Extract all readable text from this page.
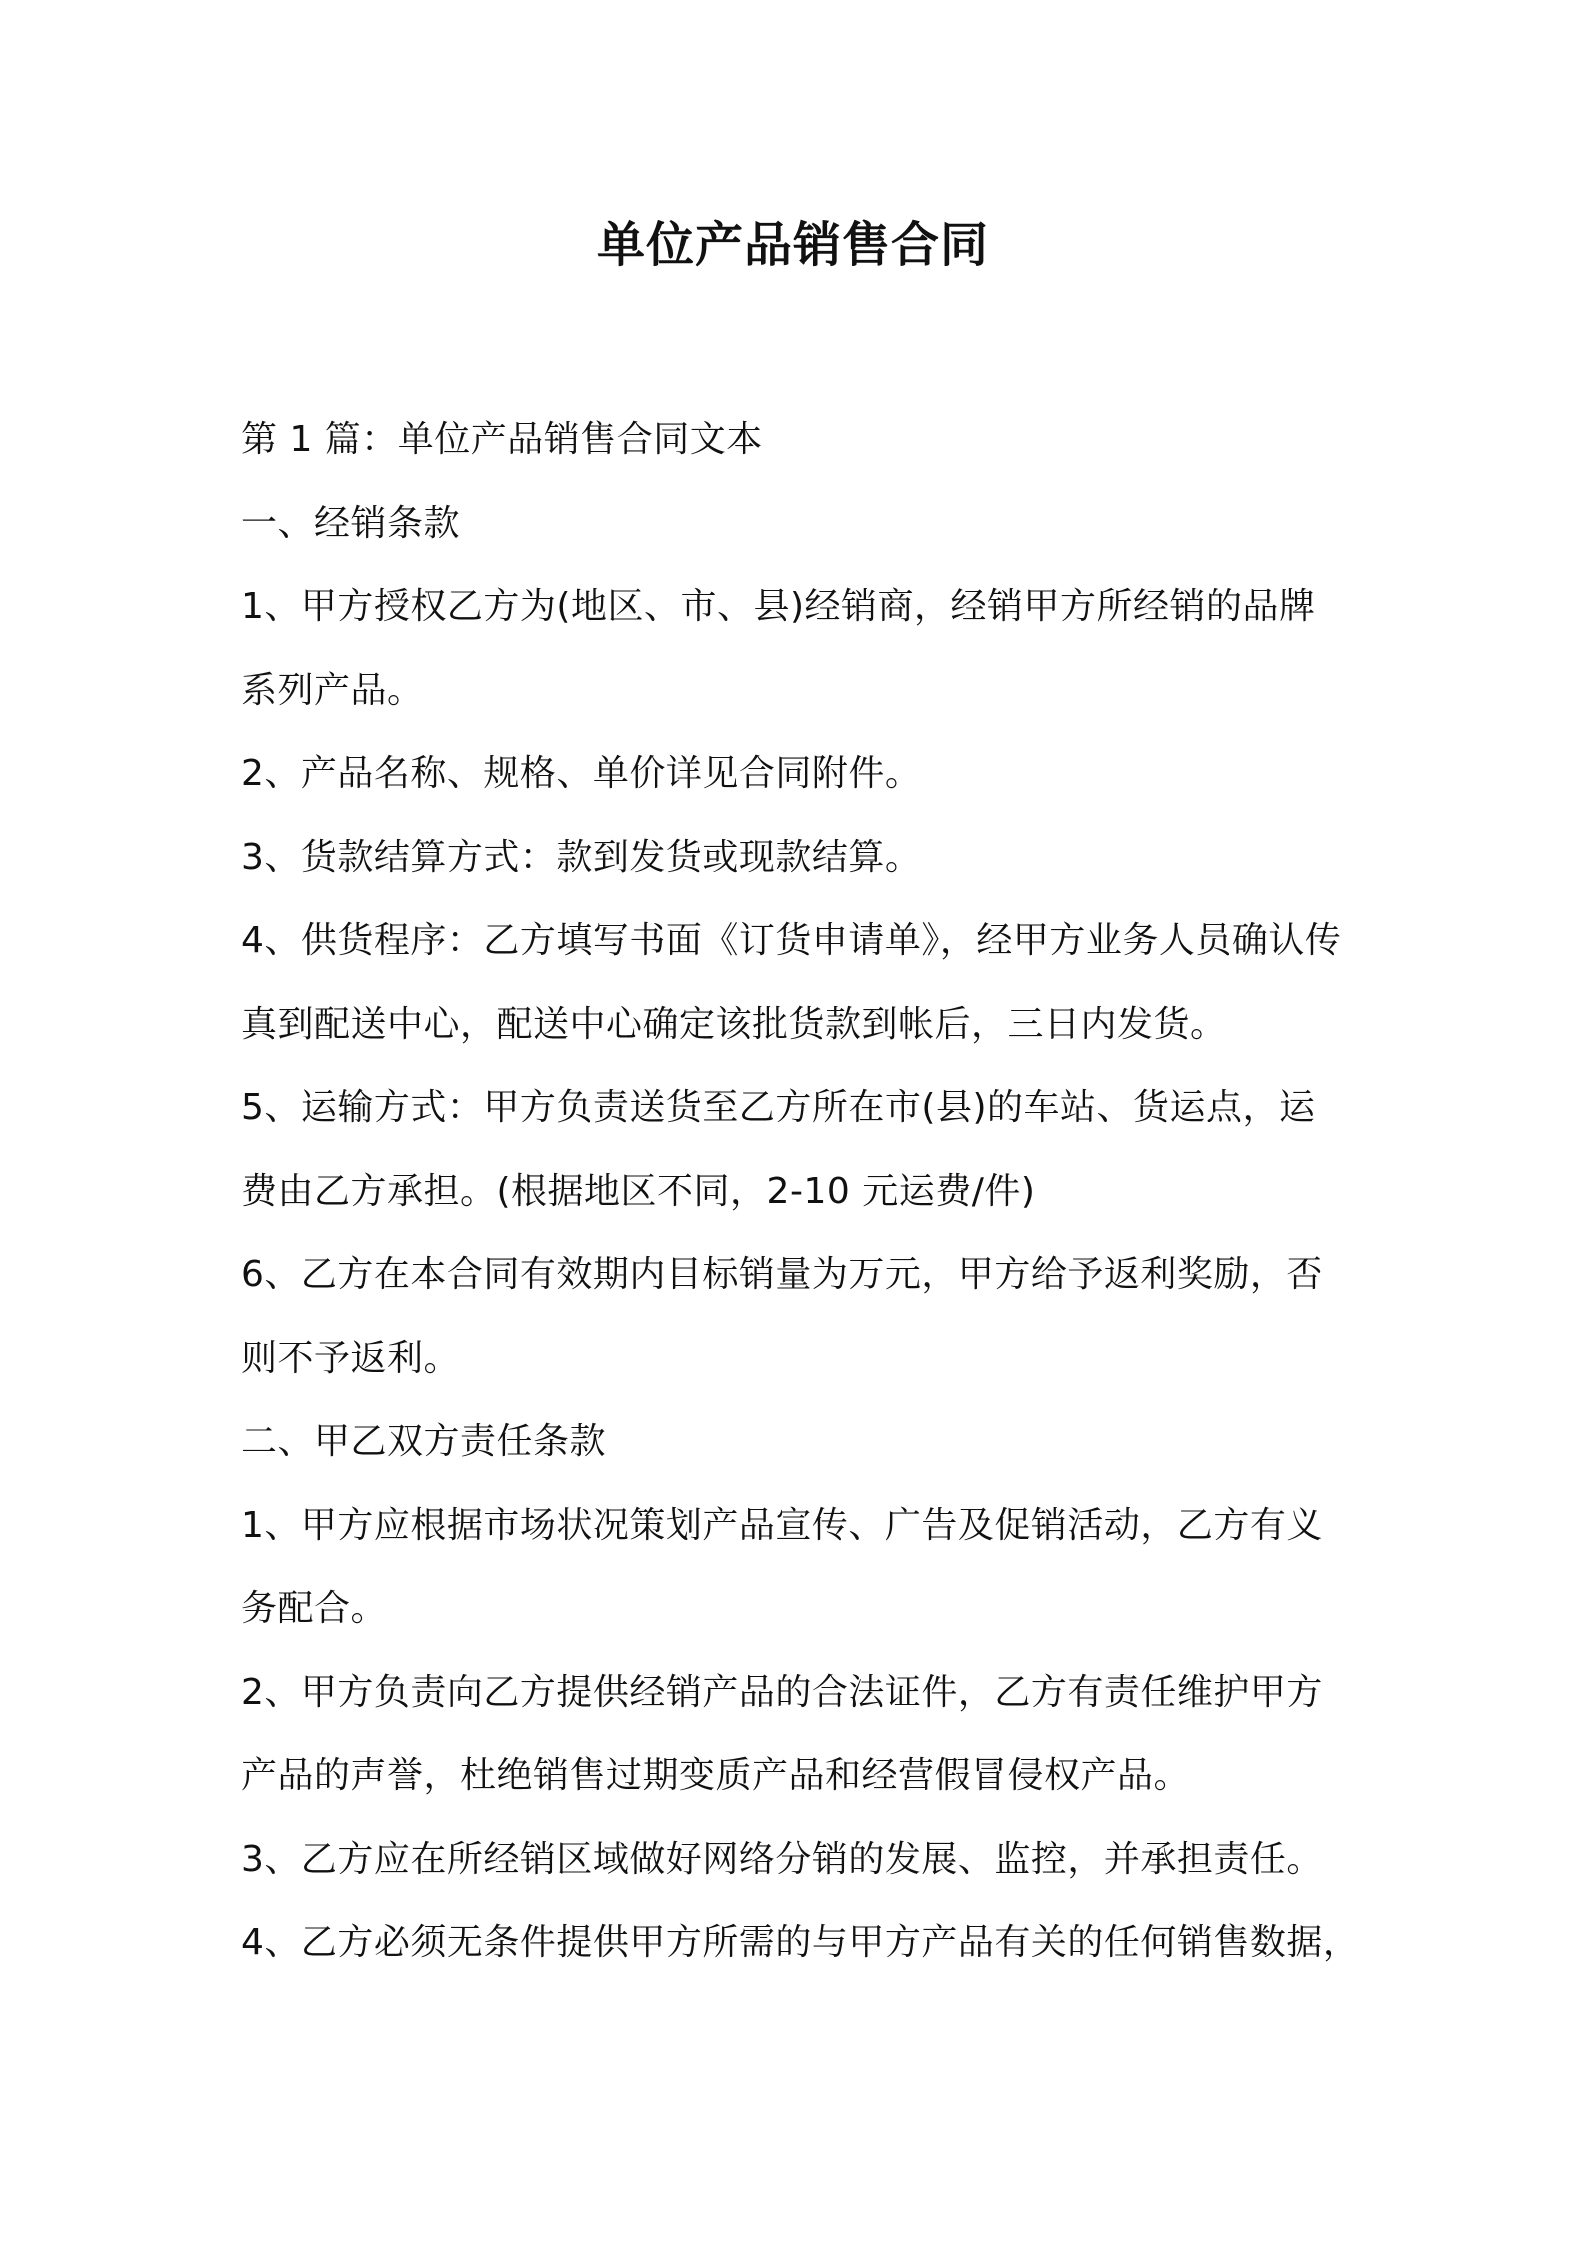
单位产品销售合同
第 1 篇：单位产品销售合同文本
一、经销条款
1、甲方授权乙方为(地区、市、县)经销商，经销甲方所经销的品牌
系列产品。
2、产品名称、规格、单价详见合同附件。
3、货款结算方式：款到发货或现款结算。
4、供货程序：乙方填写书面《订货申请单》，经甲方业务人员确认传
真到配送中心，配送中心确定该批货款到帐后，三日内发货。
5、运输方式：甲方负责送货至乙方所在市(县)的车站、货运点，运
费由乙方承担。(根据地区不同，2-10 元运费/件)
6、乙方在本合同有效期内目标销量为万元，甲方给予返利奖励，否
则不予返利。
二、甲乙双方责任条款
1、甲方应根据市场状况策划产品宣传、广告及促销活动，乙方有义
务配合。
2、甲方负责向乙方提供经销产品的合法证件，乙方有责任维护甲方
产品的声誉，杜绝销售过期变质产品和经营假冒侵权产品。
3、乙方应在所经销区域做好网络分销的发展、监控，并承担责任。
4、乙方必须无条件提供甲方所需的与甲方产品有关的任何销售数据，
